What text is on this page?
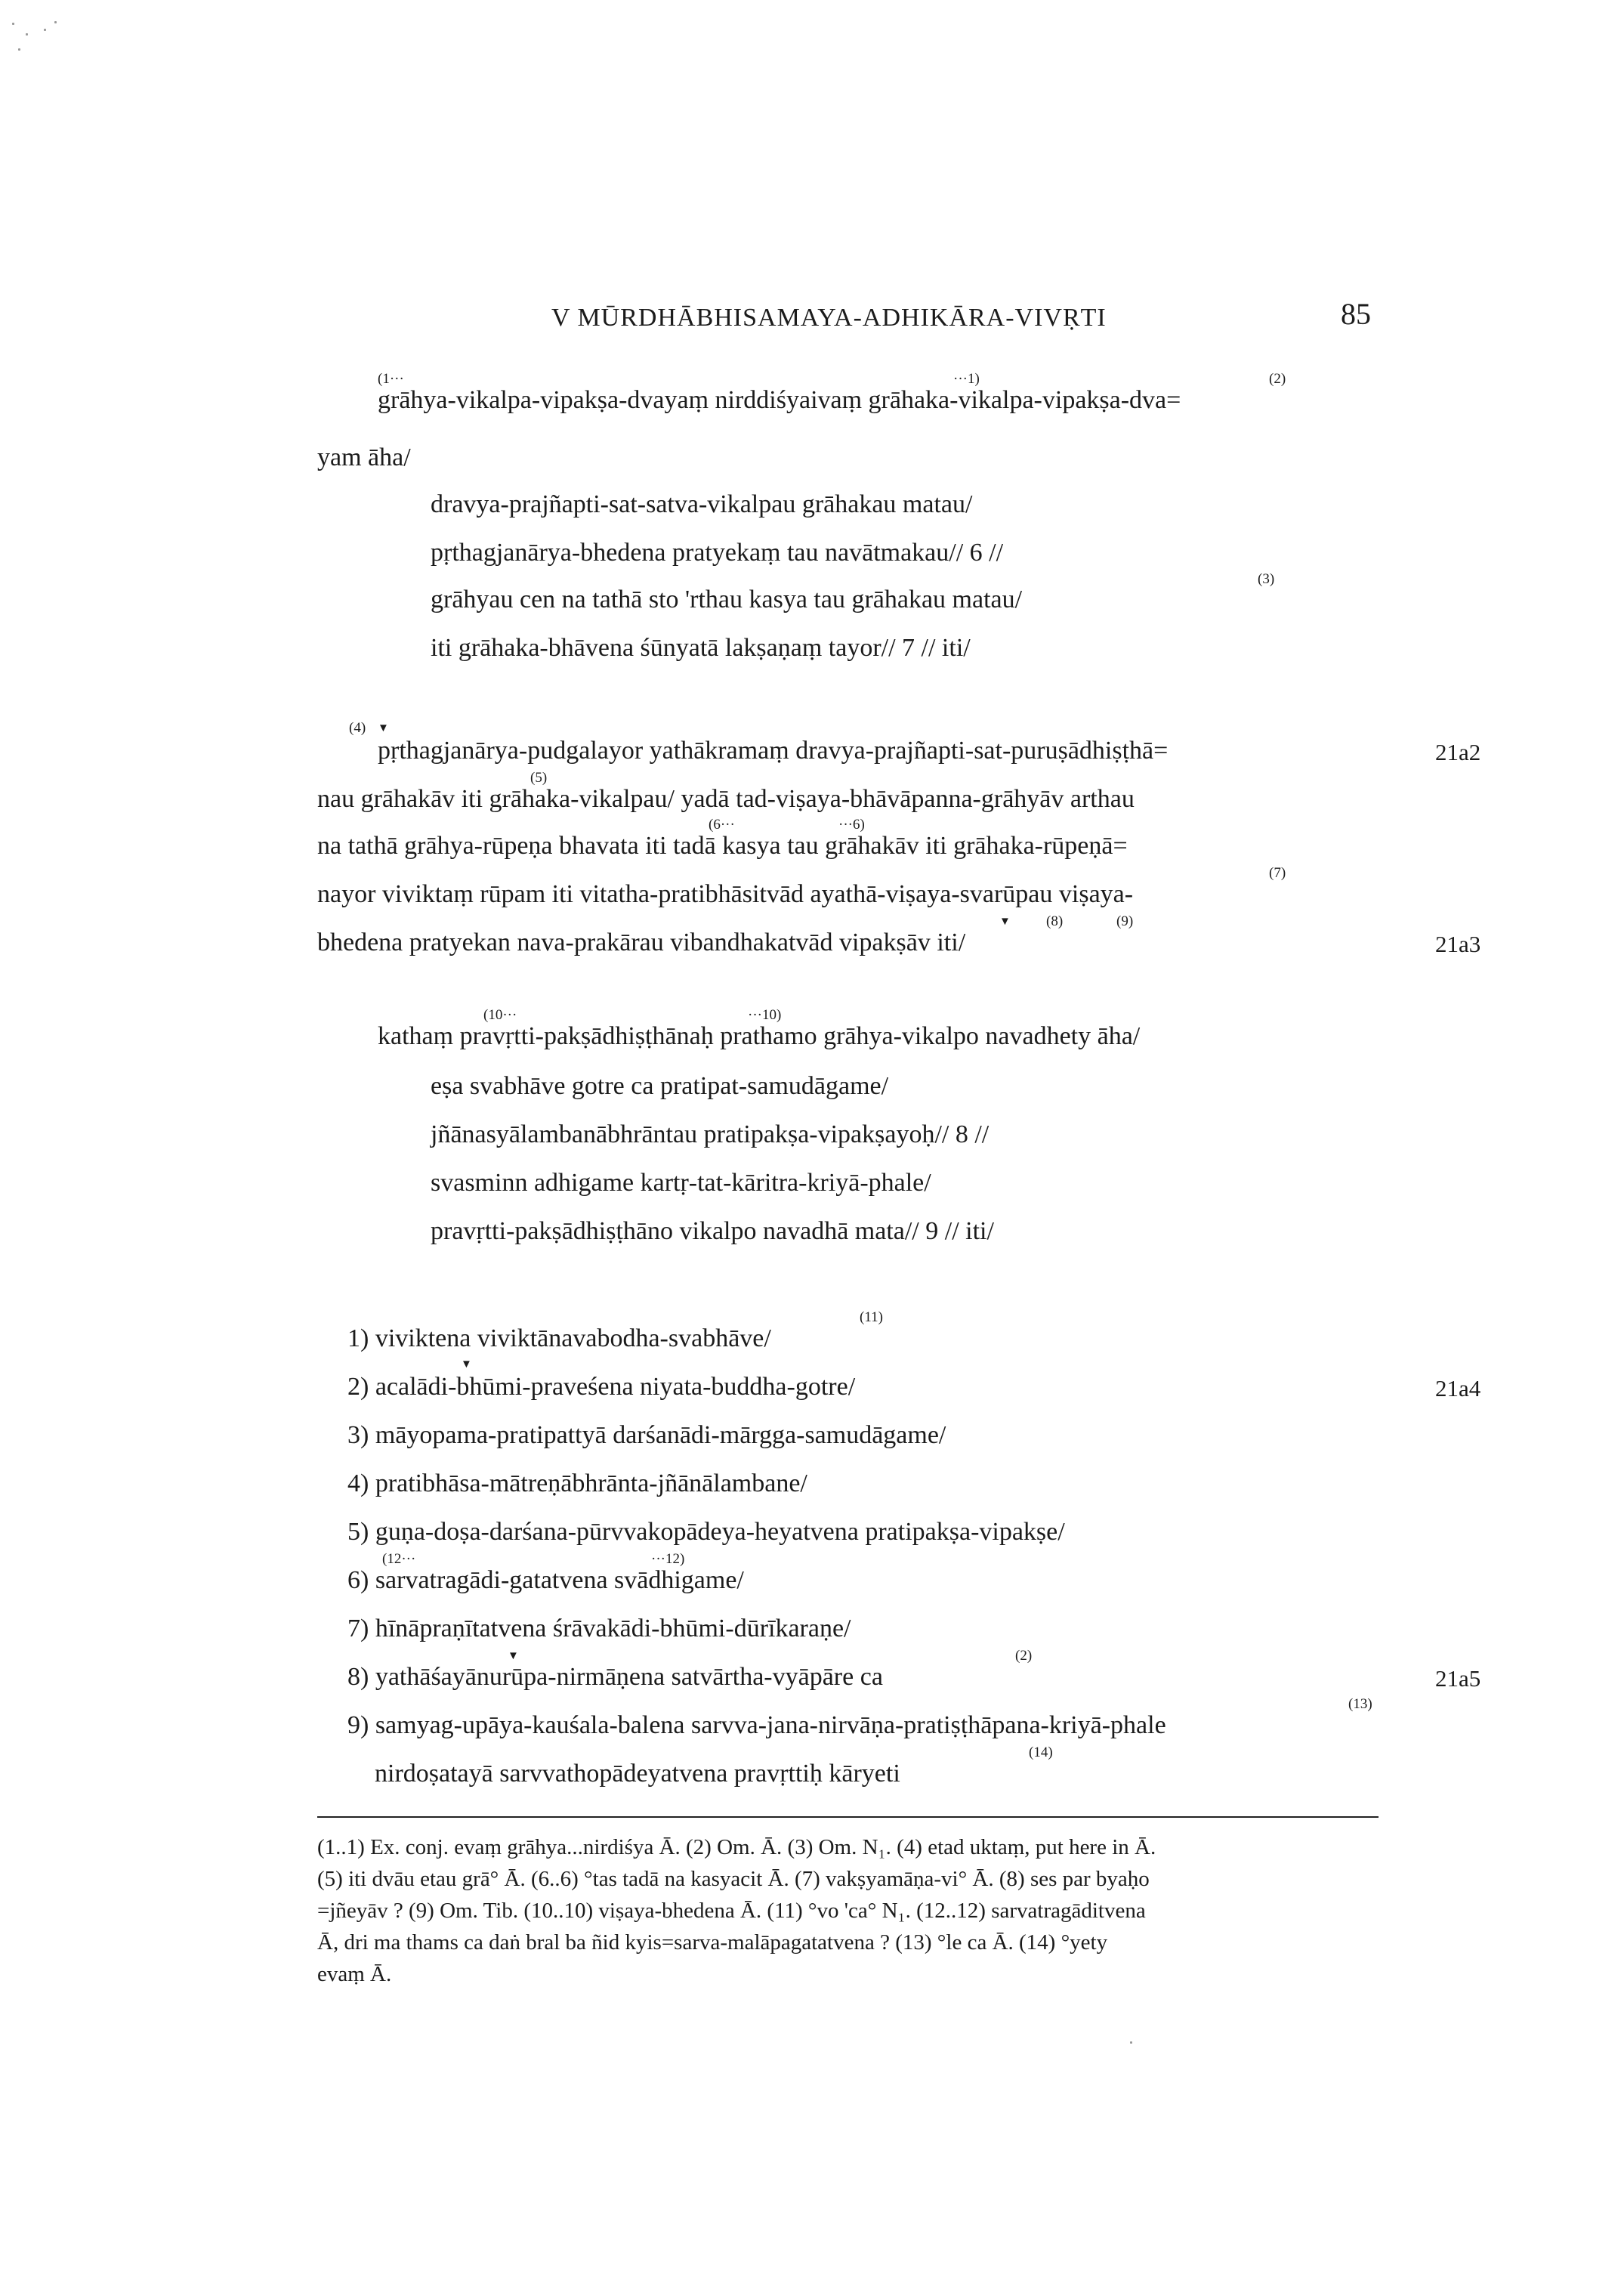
V MŪRDHĀBHISAMAYA-ADHIKĀRA-VIVṚTI	85
(1···	···1)	(2)
grāhya-vikalpa-vipakṣa-dvayaṃ nirddiśyaivaṃ grāhaka-vikalpa-vipakṣa-dva=
yam āha/
dravya-prajñapti-sat-satva-vikalpau grāhakau matau/
pṛthagjanārya-bhedena pratyekaṃ tau navātmakau// 6 //
(3)
grāhyau cen na tathā sto 'rthau kasya tau grāhakau matau/
iti grāhaka-bhāvena śūnyatā lakṣaṇaṃ tayor// 7 // iti/
(4) ▼
pṛthagjanārya-pudgalayor yathākramaṃ dravya-prajñapti-sat-puruṣādhiṣṭhā=	21a2
(5)
nau grāhakāv iti grāhaka-vikalpau/ yadā tad-viṣaya-bhāvāpanna-grāhyāv arthau
(6···	···6)
na tathā grāhya-rūpeṇa bhavata iti tadā kasya tau grāhakāv iti grāhaka-rūpeṇā=
(7)
nayor viviktaṃ rūpam iti vitatha-pratibhāsitvād ayathā-viṣaya-svarūpau viṣaya-
▼ (8)	(9)
bhedena pratyekan nava-prakārau vibandhakatvād vipakṣāv iti/	21a3
(10···	···10)
kathaṃ pravṛtti-pakṣādhiṣṭhānaḥ prathamo grāhya-vikalpo navadhety āha/
eṣa svabhāve gotre ca pratipat-samudāgame/
jñānasyālambanābhrāntau pratipakṣa-vipakṣayoḥ// 8 //
svasminn adhigame kartṛ-tat-kāritra-kriyā-phale/
pravṛtti-pakṣādhiṣṭhāno vikalpo navadhā mata// 9 // iti/
(11)
1) viviktena viviktānavabodha-svabhāve/
▼
2) acalādi-bhūmi-praveśena niyata-buddha-gotre/	21a4
3) māyopama-pratipattyā darśanādi-mārgga-samudāgame/
4) pratibhāsa-mātreṇābhrānta-jñānālambane/
5) guṇa-doṣa-darśana-pūrvvakopādeya-heyatvena pratipakṣa-vipakṣe/
(12···	···12)
6) sarvatragādi-gatatvena svādhigame/
7) hīnāpraṇītatvena śrāvakādi-bhūmi-dūrīkaraṇe/
▼	(2)
8) yathāśayānurūpa-nirmāṇena satvārtha-vyāpāre ca	21a5
(13)
9) samyag-upāya-kauśala-balena sarvva-jana-nirvāṇa-pratiṣṭhāpana-kriyā-phale
(14)
nirdoṣatayā sarvvathopādeyatvena pravṛttiḥ kāryeti
(1..1) Ex. conj. evaṃ grāhya...nirdiśya Ā. (2) Om. Ā. (3) Om. N₁. (4) etad uktaṃ, put here in Ā.
(5) iti dvāu etau grā° Ā. (6..6) °tas tadā na kasyacit Ā. (7) vakṣyamāṇa-vi° Ā. (8) ses par byaḥo
=jñeyāv ? (9) Om. Tib. (10..10) viṣaya-bhedena Ā. (11) °vo 'ca° N₁. (12..12) sarvatragāditvena
Ā, dri ma thams ca daṅ bral ba ñid kyis=sarva-malāpagatatvena ? (13) °le ca Ā. (14) °yety
evaṃ Ā.
